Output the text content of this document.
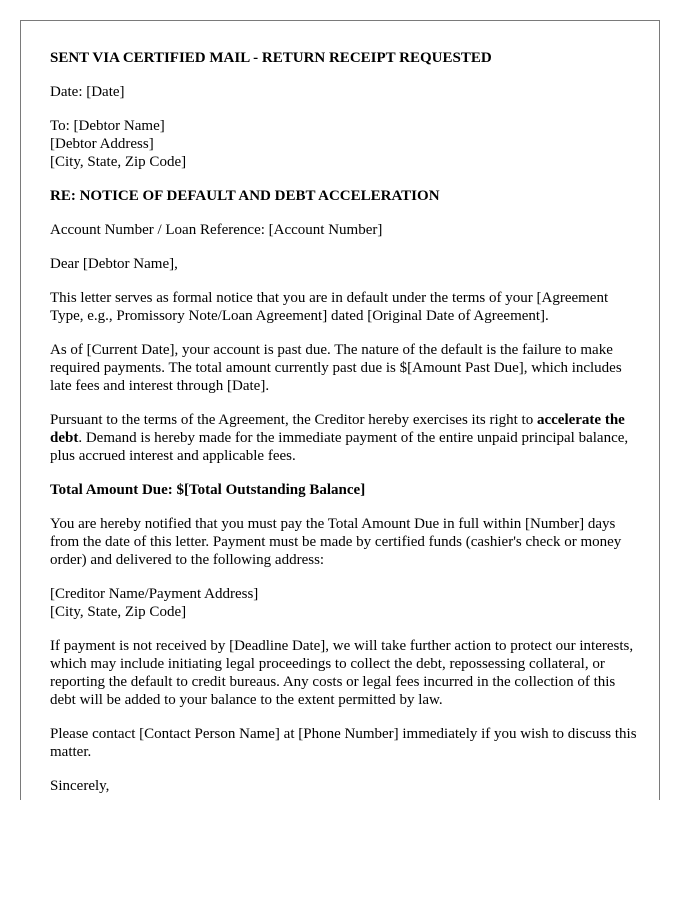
SENT VIA CERTIFIED MAIL - RETURN RECEIPT REQUESTED

Date: [Date]

To: [Debtor Name]
[Debtor Address]
[City, State, Zip Code]

RE: NOTICE OF DEFAULT AND DEBT ACCELERATION

Account Number / Loan Reference: [Account Number]

Dear [Debtor Name],

This letter serves as formal notice that you are in default under the terms of your [Agreement Type, e.g., Promissory Note/Loan Agreement] dated [Original Date of Agreement].

As of [Current Date], your account is past due. The nature of the default is the failure to make required payments. The total amount currently past due is $[Amount Past Due], which includes late fees and interest through [Date].

Pursuant to the terms of the Agreement, the Creditor hereby exercises its right to accelerate the debt. Demand is hereby made for the immediate payment of the entire unpaid principal balance, plus accrued interest and applicable fees.

Total Amount Due: $[Total Outstanding Balance]

You are hereby notified that you must pay the Total Amount Due in full within [Number] days from the date of this letter. Payment must be made by certified funds (cashier's check or money order) and delivered to the following address:

[Creditor Name/Payment Address]
[City, State, Zip Code]

If payment is not received by [Deadline Date], we will take further action to protect our interests, which may include initiating legal proceedings to collect the debt, repossessing collateral, or reporting the default to credit bureaus. Any costs or legal fees incurred in the collection of this debt will be added to your balance to the extent permitted by law.

Please contact [Contact Person Name] at [Phone Number] immediately if you wish to discuss this matter.

Sincerely,
